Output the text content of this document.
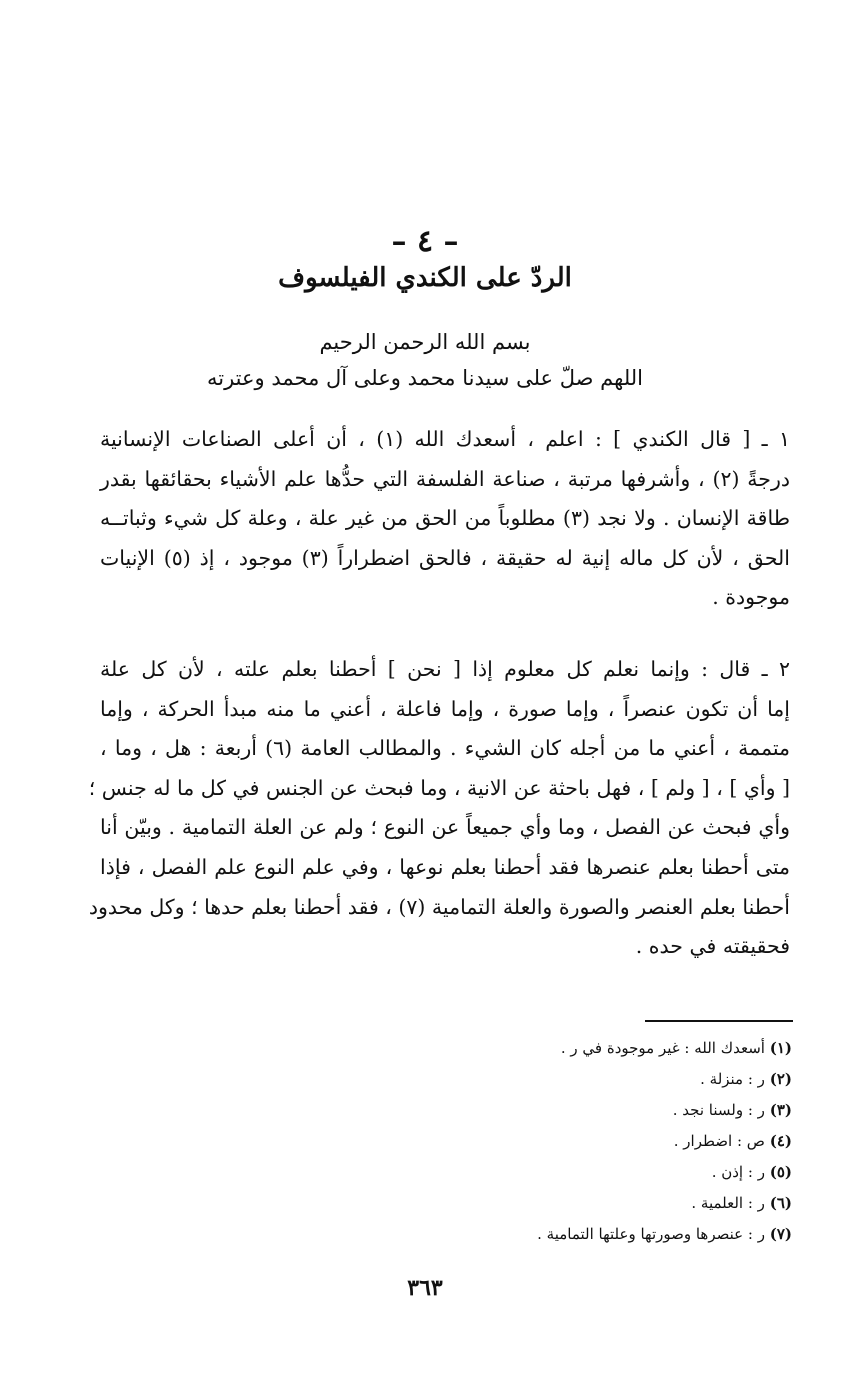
– ٤ –
الردّ على الكندي الفيلسوف
بسم الله الرحمن الرحيم
اللهم صلّ على سيدنا محمد وعلى آل محمد وعترته
١ ـ [ قال الكندي ] : اعلم ، أسعدك الله (١) ، أن أعلى الصناعات الإنسانية
درجةً (٢) ، وأشرفها مرتبة ، صناعة الفلسفة التي حدُّها علم الأشياء بحقائقها بقدر
طاقة الإنسان . ولا نجد (٣) مطلوباً من الحق من غير علة ، وعلة كل شيء وثباتــه
الحق ، لأن كل ماله إنية له حقيقة ، فالحق اضطراراً (٣) موجود ، إذ (٥) الإنيات
موجودة .
٢ ـ قال : وإنما نعلم كل معلوم إذا [ نحن ] أحطنا بعلم علته ، لأن كل علة
إما أن تكون عنصراً ، وإما صورة ، وإما فاعلة ، أعني ما منه مبدأ الحركة ، وإما
متممة ، أعني ما من أجله كان الشيء . والمطالب العامة (٦) أربعة : هل ، وما ،
[ وأي ] ، [ ولم ] ، فهل باحثة عن الانية ، وما فبحث عن الجنس في كل ما له جنس ؛
وأي فبحث عن الفصل ، وما وأي جميعاً عن النوع ؛ ولم عن العلة التمامية . وبيّن أنا
متى أحطنا بعلم عنصرها فقد أحطنا بعلم نوعها ، وفي علم النوع علم الفصل ، فإذا
أحطنا بعلم العنصر والصورة والعلة التمامية (٧) ، فقد أحطنا بعلم حدها ؛ وكل محدود
فحقيقته في حده .
(١) أسعدك الله : غير موجودة في ر .
(٢) ر : منزلة .
(٣) ر : ولسنا نجد .
(٤) ص : اضطرار .
(٥) ر : إذن .
(٦) ر : العلمية .
(٧) ر : عنصرها وصورتها وعلتها التمامية .
٣٦٣
